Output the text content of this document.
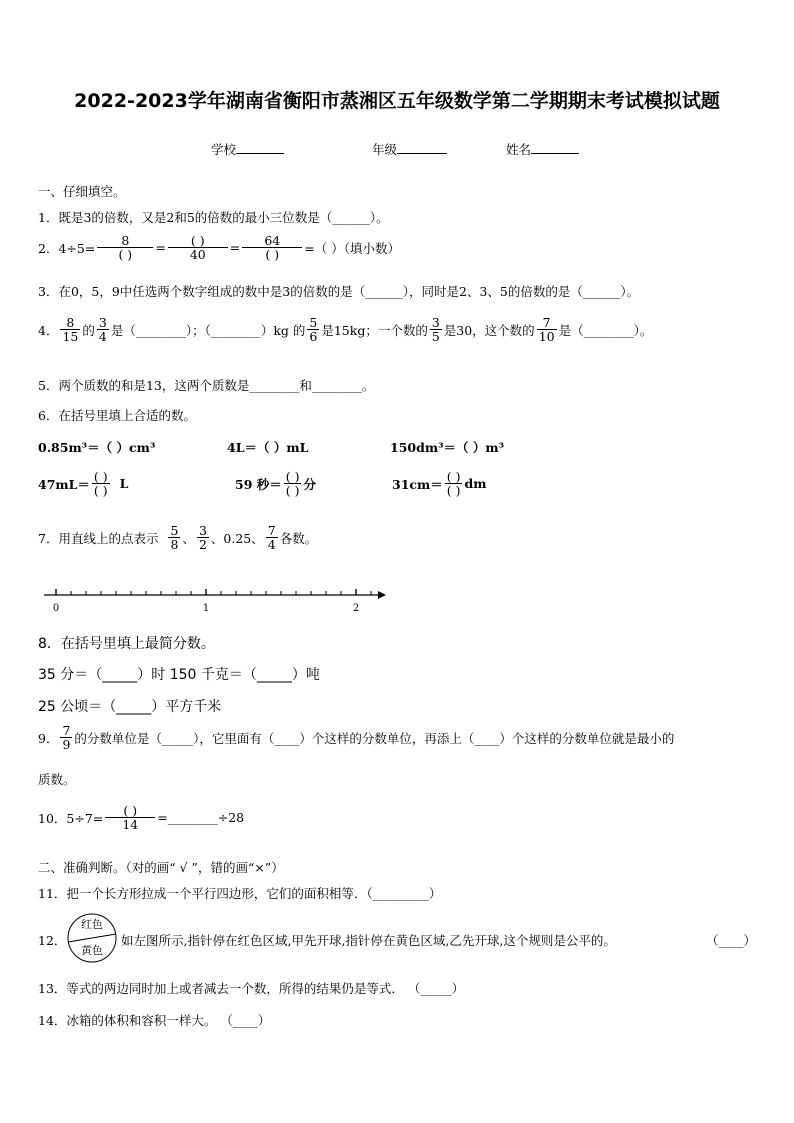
2022-2023学年湖南省衡阳市蒸湘区五年级数学第二学期期末考试模拟试题
学校	年级	姓名
一、仔细填空。
1．既是3的倍数，又是2和5的倍数的最小三位数是（______）。
2．$4\div 5= \frac{8}{( )} = \frac{( )}{40} = \frac{64}{( )}$ =（ ）（填小数）
3．在0，5，9中任选两个数字组成的数中是3的倍数的是（______），同时是2、3、5的倍数的是（______）。
4． $\frac{8}{15}$ 的 $\frac{3}{4}$ 是（________）；（________）kg 的 $\frac{5}{6}$ 是15kg；一个数的 $\frac{3}{5}$ 是30，这个数的 $\frac{7}{10}$ 是（________）。
5．两个质数的和是13，这两个质数是________和________。
6．在括号里填上合适的数。
0.85m³＝（ ）cm³	4L＝（ ）mL	150dm³＝（ ）m³
$47mL= \frac{( )}{( )}$ L	59 秒＝ $\frac{( )}{( )}$ 分	$31cm= \frac{( )}{( )}$ dm
7．用直线上的点表示 $\frac{5}{8}$ 、 $\frac{3}{2}$ 、0.25、 $\frac{7}{4}$ 各数。
0	1	2
8．在括号里填上最简分数。
35 分＝（_____）时 150 千克＝（_____）吨
25 公顷＝（_____）平方千米
9． $\frac{7}{9}$ 的分数单位是（_____），它里面有（____）个这样的分数单位，再添上（____）个这样的分数单位就是最小的
质数。
10．$5\div 7= \frac{( )}{14}$ =________÷28
二、准确判断。（对的画“ √ ”，错的画“×”）
11．把一个长方形拉成一个平行四边形，它们的面积相等．（_________）
12．
红色
黄色
如左图所示,指针停在红色区域,甲先开球,指针停在黄色区域,乙先开球,这个规则是公平的。	（____）
13．等式的两边同时加上或者减去一个数，所得的结果仍是等式． （_____）
14．冰箱的体积和容积一样大。 （____）
